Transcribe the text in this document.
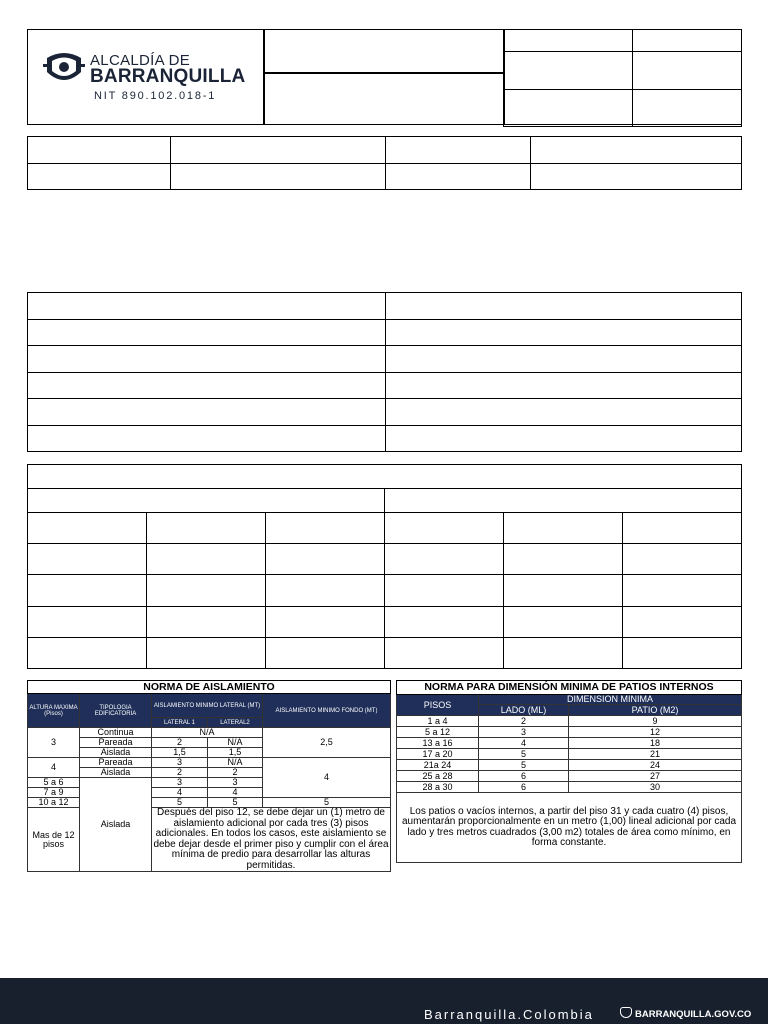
ALCALDÍA DE
BARRANQUILLA
NIT 890.102.018-1

NORMA DE AISLAMIENTO				
ALTURA MAXIMA (Pisos)	TIPOLOGIA EDIFICATORIA	AISLAMIENTO MINIMO LATERAL (MT)		AISLAMIENTO MINIMO FONDO (MT)
		LATERAL 1	LATERAL2	
3	Continua	N/A		2,5
	Pareada	2	N/A	
	Aislada	1,5	1,5	
4	Pareada	3	N/A	4
	Aislada	2	2	
5 a 6	Aislada	3	3	
7 a 9		4	4	
10 a 12		5	5	5
Mas de 12 pisos		Después del piso 12, se debe dejar un (1) metro de aislamiento adicional por cada tres (3) pisos adicionales. En todos los casos, este aislamiento se debe dejar desde el primer piso y cumplir con el área mínima de predio para desarrollar las alturas permitidas.		
NORMA PARA DIMENSIÓN MINIMA DE PATIOS INTERNOS		
PISOS	DIMENSION MINIMA	
	LADO (ML)	PATIO (M2)
1 a 4	2	9
5 a 12	3	12
13 a 16	4	18
17 a 20	5	21
21a 24	5	24
25 a 28	6	27
28 a 30	6	30
Los patios o vacíos internos, a partir del piso 31 y cada cuatro (4) pisos, aumentarán proporcionalmente en un metro (1,00) lineal adicional por cada lado y tres metros cuadrados (3,00 m2) totales de área como mínimo, en forma constante.		
Barranquilla.Colombia	BARRANQUILLA.GOV.CO
